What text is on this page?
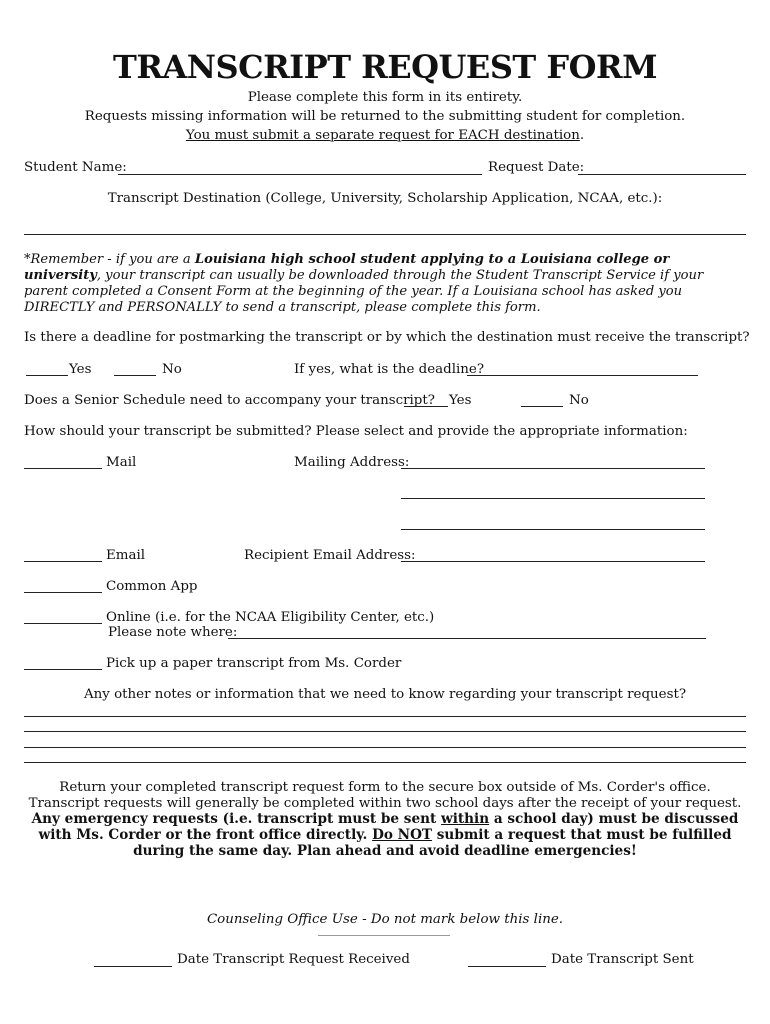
TRANSCRIPT REQUEST FORM
Please complete this form in its entirety.
Requests missing information will be returned to the submitting student for completion.
You must submit a separate request for EACH destination.
Student Name:	Request Date:
Transcript Destination (College, University, Scholarship Application, NCAA, etc.):
*Remember - if you are a Louisiana high school student applying to a Louisiana college or university, your transcript can usually be downloaded through the Student Transcript Service if your parent completed a Consent Form at the beginning of the year. If a Louisiana school has asked you DIRECTLY and PERSONALLY to send a transcript, please complete this form.
Is there a deadline for postmarking the transcript or by which the destination must receive the transcript?
Yes	No	If yes, what is the deadline?
Does a Senior Schedule need to accompany your transcript? Yes	No
How should your transcript be submitted? Please select and provide the appropriate information:
Mail	Mailing Address:
Email	Recipient Email Address:
Common App
Online (i.e. for the NCAA Eligibility Center, etc.)
Please note where:
Pick up a paper transcript from Ms. Corder
Any other notes or information that we need to know regarding your transcript request?
Return your completed transcript request form to the secure box outside of Ms. Corder's office. Transcript requests will generally be completed within two school days after the receipt of your request.
Any emergency requests (i.e. transcript must be sent within a school day) must be discussed with Ms. Corder or the front office directly. Do NOT submit a request that must be fulfilled during the same day. Plan ahead and avoid deadline emergencies!
Counseling Office Use - Do not mark below this line.
Date Transcript Request Received	Date Transcript Sent
